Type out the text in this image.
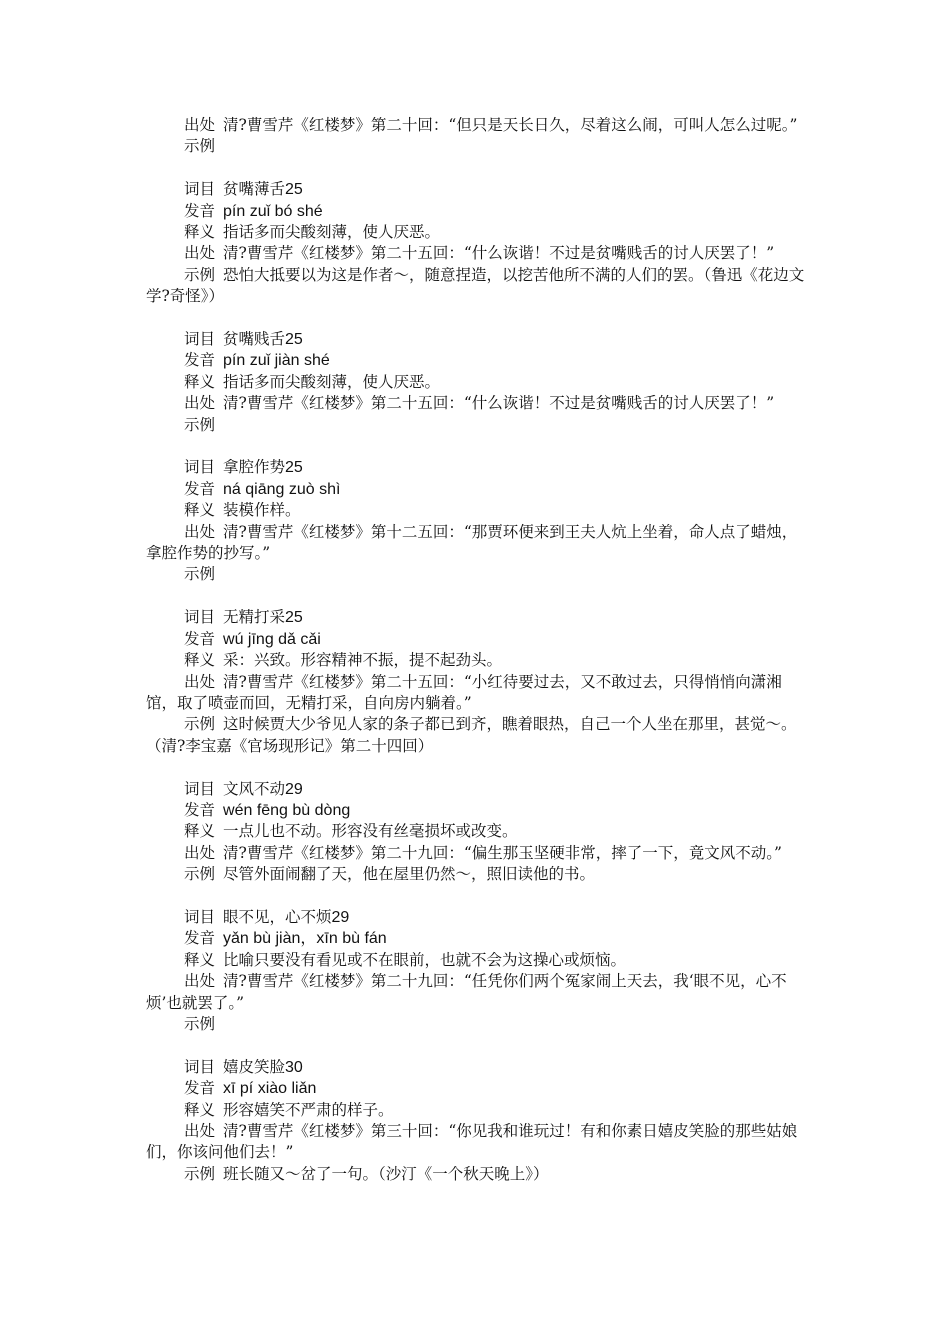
出处 清?曹雪芹《红楼梦》第二十回：“但只是天长日久，尽着这么闹，可叫人怎么过呢。”
示例
词目 贫嘴薄舌25
发音 pín zuǐ bó shé
释义 指话多而尖酸刻薄，使人厌恶。
出处 清?曹雪芹《红楼梦》第二十五回：“什么诙谐！不过是贫嘴贱舌的讨人厌罢了！”
示例 恐怕大抵要以为这是作者～，随意捏造，以挖苦他所不满的人们的罢。（鲁迅《花边文学?奇怪》）
词目 贫嘴贱舌25
发音 pín zuǐ jiàn shé
释义 指话多而尖酸刻薄，使人厌恶。
出处 清?曹雪芹《红楼梦》第二十五回：“什么诙谐！不过是贫嘴贱舌的讨人厌罢了！”
示例
词目 拿腔作势25
发音 ná qiāng zuò shì
释义 装模作样。
出处 清?曹雪芹《红楼梦》第十二五回：“那贾环便来到王夫人炕上坐着，命人点了蜡烛，拿腔作势的抄写。”
示例
词目 无精打采25
发音 wú jīng dǎ cǎi
释义 采：兴致。形容精神不振，提不起劲头。
出处 清?曹雪芹《红楼梦》第二十五回：“小红待要过去，又不敢过去，只得悄悄向潇湘馆，取了喷壶而回，无精打采，自向房内躺着。”
示例 这时候贾大少爷见人家的条子都已到齐，瞧着眼热，自己一个人坐在那里，甚觉～。（清?李宝嘉《官场现形记》第二十四回）
词目 文风不动29
发音 wén fēng bù dòng
释义 一点儿也不动。形容没有丝毫损坏或改变。
出处 清?曹雪芹《红楼梦》第二十九回：“偏生那玉坚硬非常，摔了一下，竟文风不动。”
示例 尽管外面闹翻了天，他在屋里仍然～，照旧读他的书。
词目 眼不见，心不烦29
发音 yǎn bù jiàn，xīn bù fán
释义 比喻只要没有看见或不在眼前，也就不会为这操心或烦恼。
出处 清?曹雪芹《红楼梦》第二十九回：“任凭你们两个冤家闹上天去，我‘眼不见，心不烦’也就罢了。”
示例
词目 嬉皮笑脸30
发音 xī pí xiào liǎn
释义 形容嬉笑不严肃的样子。
出处 清?曹雪芹《红楼梦》第三十回：“你见我和谁玩过！有和你素日嬉皮笑脸的那些姑娘们，你该问他们去！”
示例 班长随又～岔了一句。（沙汀《一个秋天晚上》）
